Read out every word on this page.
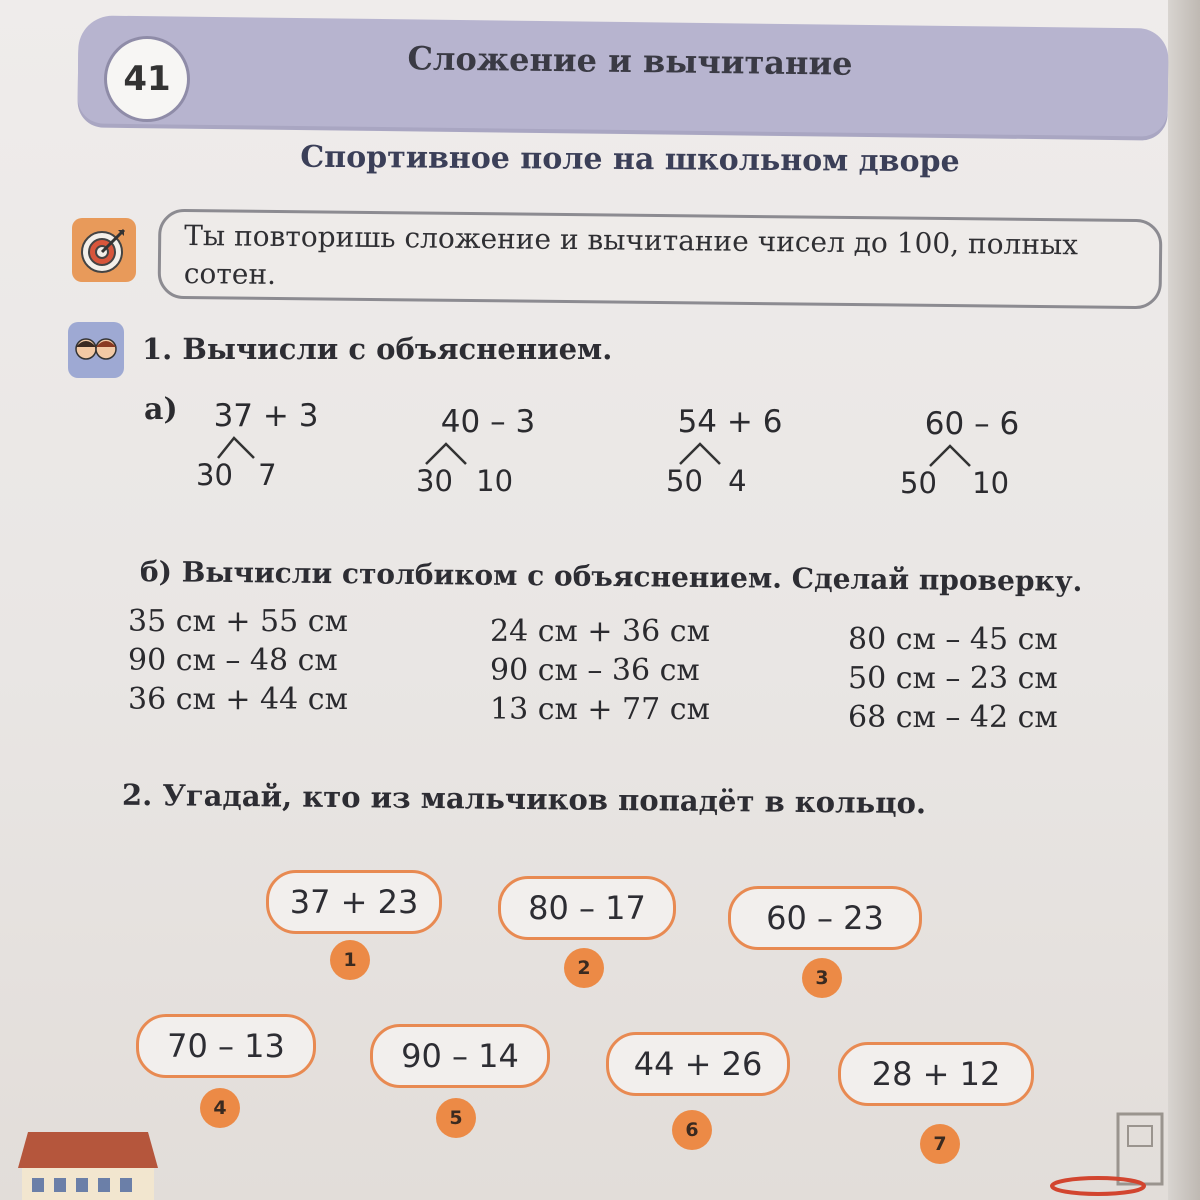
41	Сложение и вычитание
Спортивное поле на школьном дворе
Ты повторишь сложение и вычитание чисел до 100, полных сотен.
1. Вычисли с объяснением.
а)	37 + 3
30 7
40 – 3
30 10
54 + 6
50 4
60 – 6
50 10
б) Вычисли столбиком с объяснением. Сделай проверку.
35 см + 55 см
90 см – 48 см
36 см + 44 см
24 см + 36 см
90 см – 36 см
13 см + 77 см
80 см – 45 см
50 см – 23 см
68 см – 42 см
2. Угадай, кто из мальчиков попадёт в кольцо.
37 + 23
1
80 – 17
2
60 – 23
3
70 – 13
4
90 – 14
5
44 + 26
6
28 + 12
7
